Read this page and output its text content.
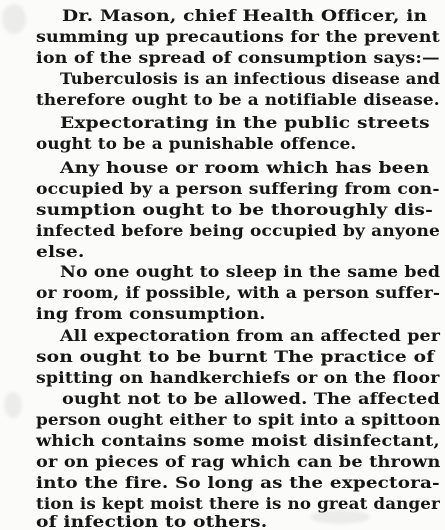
Dr. Mason, chief Health Officer, in
summing up precautions for the prevent
ion of the spread of consumption says:—
Tuberculosis is an infectious disease and
therefore ought to be a notifiable disease.
Expectorating in the public streets
ought to be a punishable offence.
Any house or room which has been
occupied by a person suffering from con-
sumption ought to be thoroughly dis-
infected before being occupied by anyone
else.
No one ought to sleep in the same bed
or room, if possible, with a person suffer-
ing from consumption.
All expectoration from an affected per
son ought to be burnt The practice of
spitting on handkerchiefs or on the floor
ought not to be allowed. The affected
person ought either to spit into a spittoon
which contains some moist disinfectant,
or on pieces of rag which can be thrown
into the fire. So long as the expectora-
tion is kept moist there is no great danger
of infection to others.
